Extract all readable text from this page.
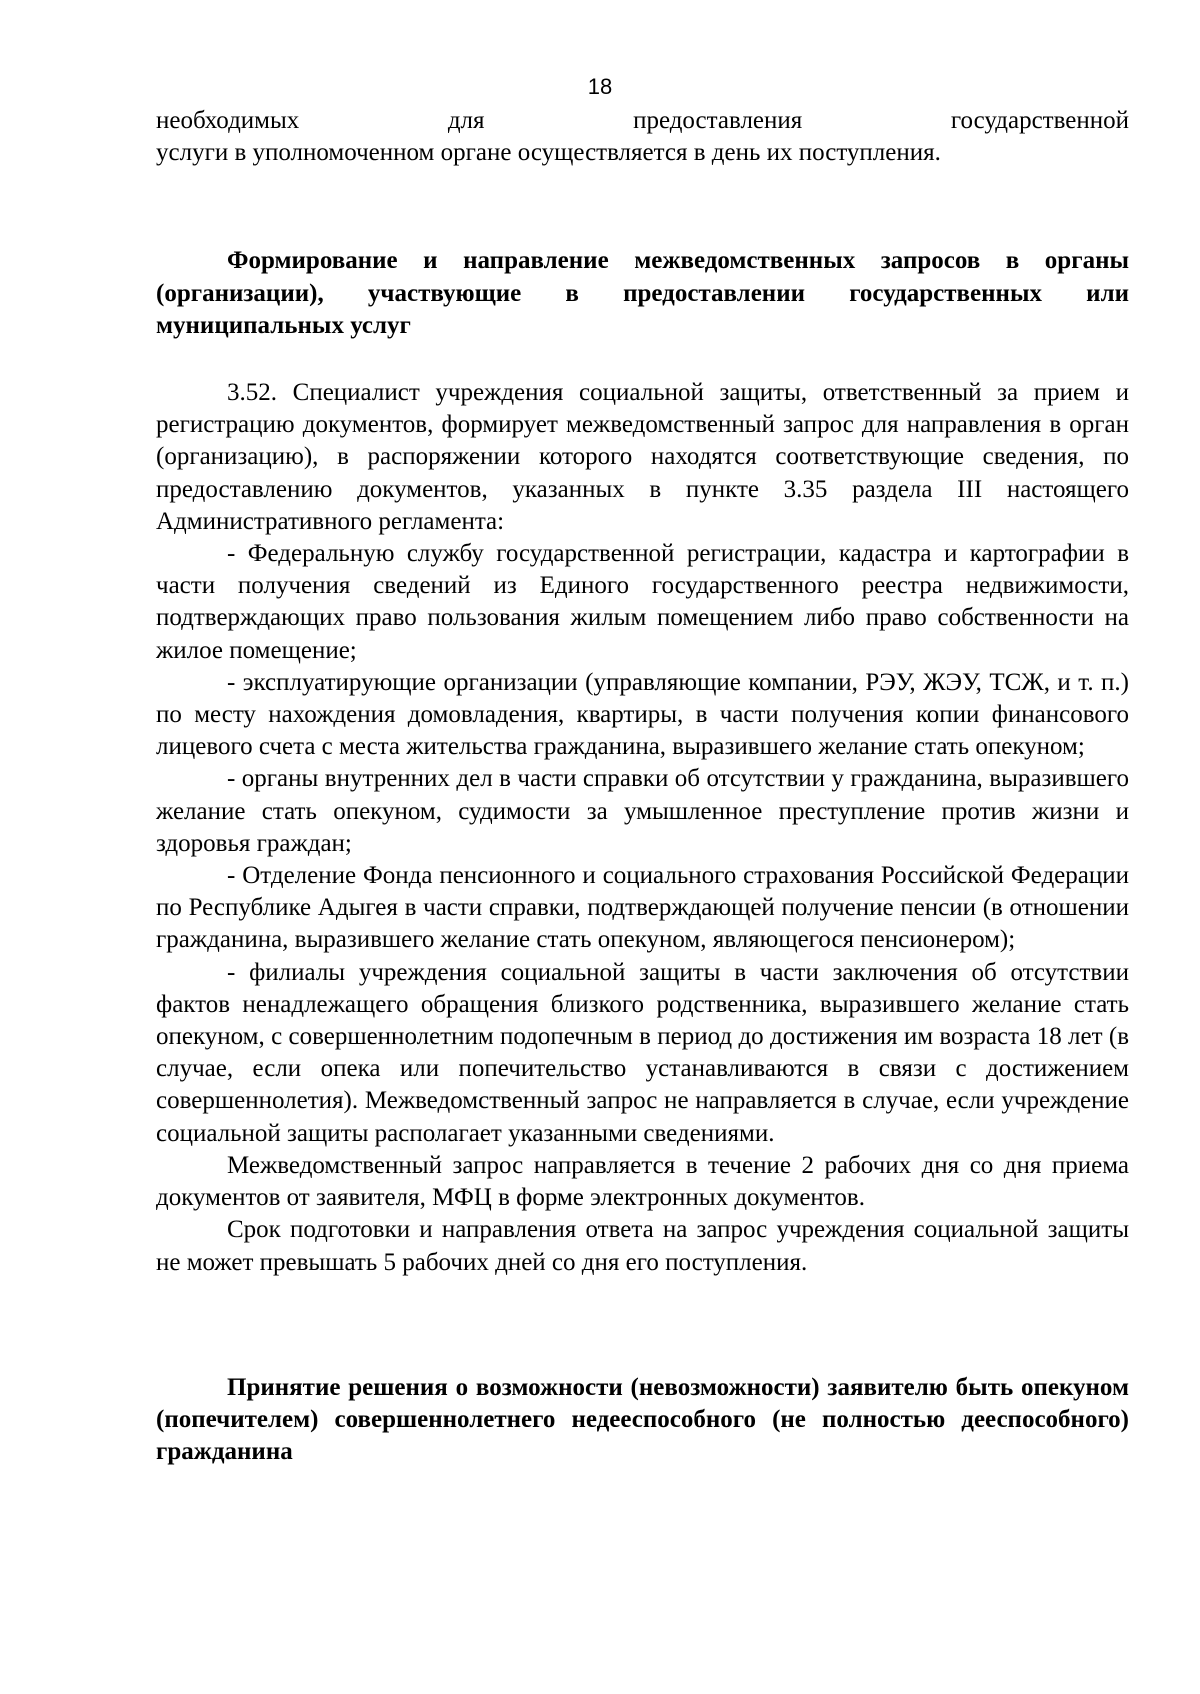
18

необходимых для предоставления государственной

услуги в уполномоченном органе осуществляется в день их поступления.

Формирование и направление межведомственных запросов в органы (организации), участвующие в предоставлении государственных или муниципальных услуг

3.52. Специалист учреждения социальной защиты, ответственный за прием и регистрацию документов, формирует межведомственный запрос для направления в орган (организацию), в распоряжении которого находятся соответствующие сведения, по предоставлению документов, указанных в пункте 3.35 раздела III настоящего Административного регламента:

- Федеральную службу государственной регистрации, кадастра и картографии в части получения сведений из Единого государственного реестра недвижимости, подтверждающих право пользования жилым помещением либо право собственности на жилое помещение;

- эксплуатирующие организации (управляющие компании, РЭУ, ЖЭУ, ТСЖ, и т. п.) по месту нахождения домовладения, квартиры, в части получения копии финансового лицевого счета с места жительства гражданина, выразившего желание стать опекуном;

- органы внутренних дел в части справки об отсутствии у гражданина, выразившего желание стать опекуном, судимости за умышленное преступление против жизни и здоровья граждан;

- Отделение Фонда пенсионного и социального страхования Российской Федерации по Республике Адыгея в части справки, подтверждающей получение пенсии (в отношении гражданина, выразившего желание стать опекуном, являющегося пенсионером);

- филиалы учреждения социальной защиты в части заключения об отсутствии фактов ненадлежащего обращения близкого родственника, выразившего желание стать опекуном, с совершеннолетним подопечным в период до достижения им возраста 18 лет (в случае, если опека или попечительство устанавливаются в связи с достижением совершеннолетия). Межведомственный запрос не направляется в случае, если учреждение социальной защиты располагает указанными сведениями.

Межведомственный запрос направляется в течение 2 рабочих дня со дня приема документов от заявителя, МФЦ в форме электронных документов.

Срок подготовки и направления ответа на запрос учреждения социальной защиты не может превышать 5 рабочих дней со дня его поступления.

Принятие решения о возможности (невозможности) заявителю быть опекуном (попечителем) совершеннолетнего недееспособного (не полностью дееспособного) гражданина
